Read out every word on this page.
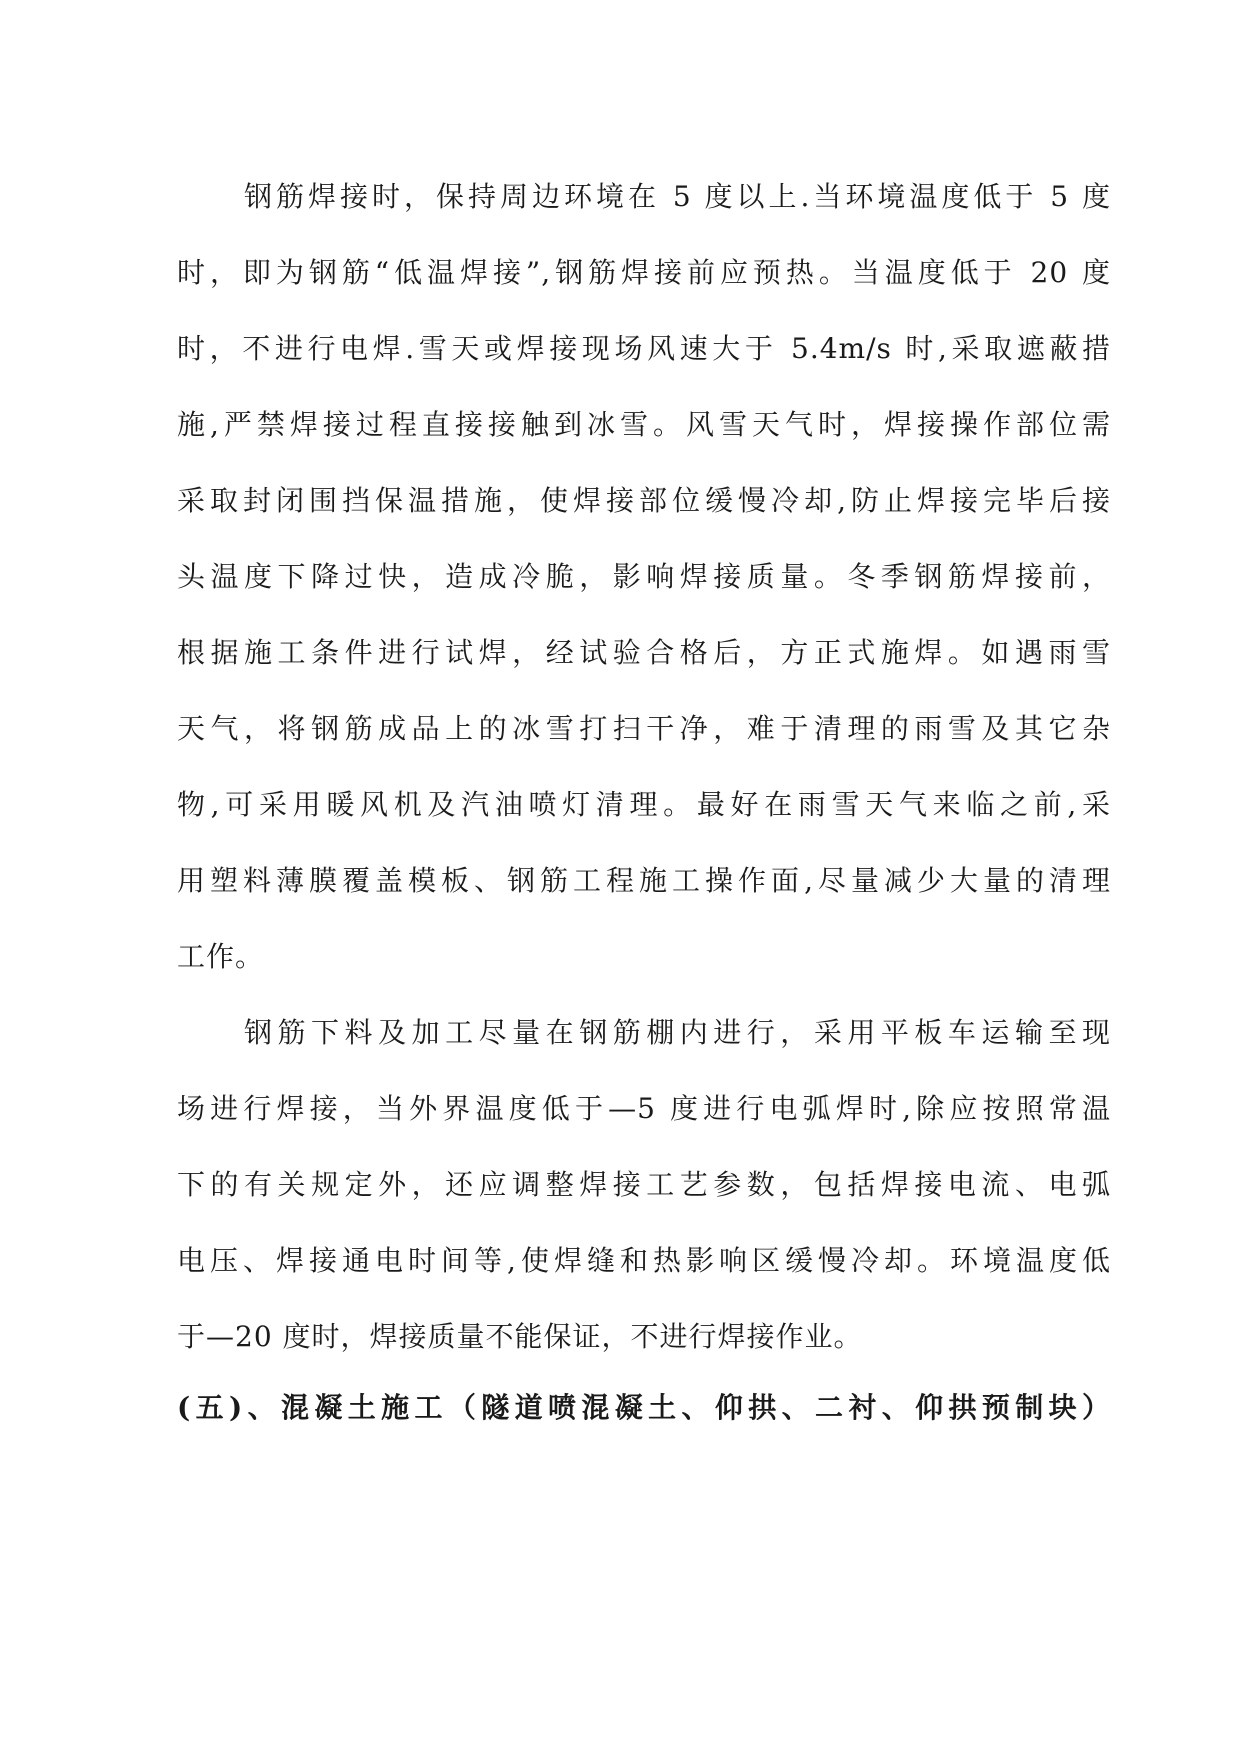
钢筋焊接时，保持周边环境在 5 度以上.当环境温度低于 5 度
时，即为钢筋“低温焊接”,钢筋焊接前应预热。当温度低于 20 度
时，不进行电焊.雪天或焊接现场风速大于 5.4m/s 时,采取遮蔽措
施,严禁焊接过程直接接触到冰雪。风雪天气时，焊接操作部位需
采取封闭围挡保温措施，使焊接部位缓慢冷却,防止焊接完毕后接
头温度下降过快，造成冷脆，影响焊接质量。冬季钢筋焊接前，
根据施工条件进行试焊，经试验合格后，方正式施焊。如遇雨雪
天气，将钢筋成品上的冰雪打扫干净，难于清理的雨雪及其它杂
物,可采用暖风机及汽油喷灯清理。最好在雨雪天气来临之前,采
用塑料薄膜覆盖模板、钢筋工程施工操作面,尽量减少大量的清理
工作。
钢筋下料及加工尽量在钢筋棚内进行，采用平板车运输至现
场进行焊接，当外界温度低于—5 度进行电弧焊时,除应按照常温
下的有关规定外，还应调整焊接工艺参数，包括焊接电流、电弧
电压、焊接通电时间等,使焊缝和热影响区缓慢冷却。环境温度低
于—20 度时，焊接质量不能保证，不进行焊接作业。
(五)、混凝土施工（隧道喷混凝土、仰拱、二衬、仰拱预制块）
